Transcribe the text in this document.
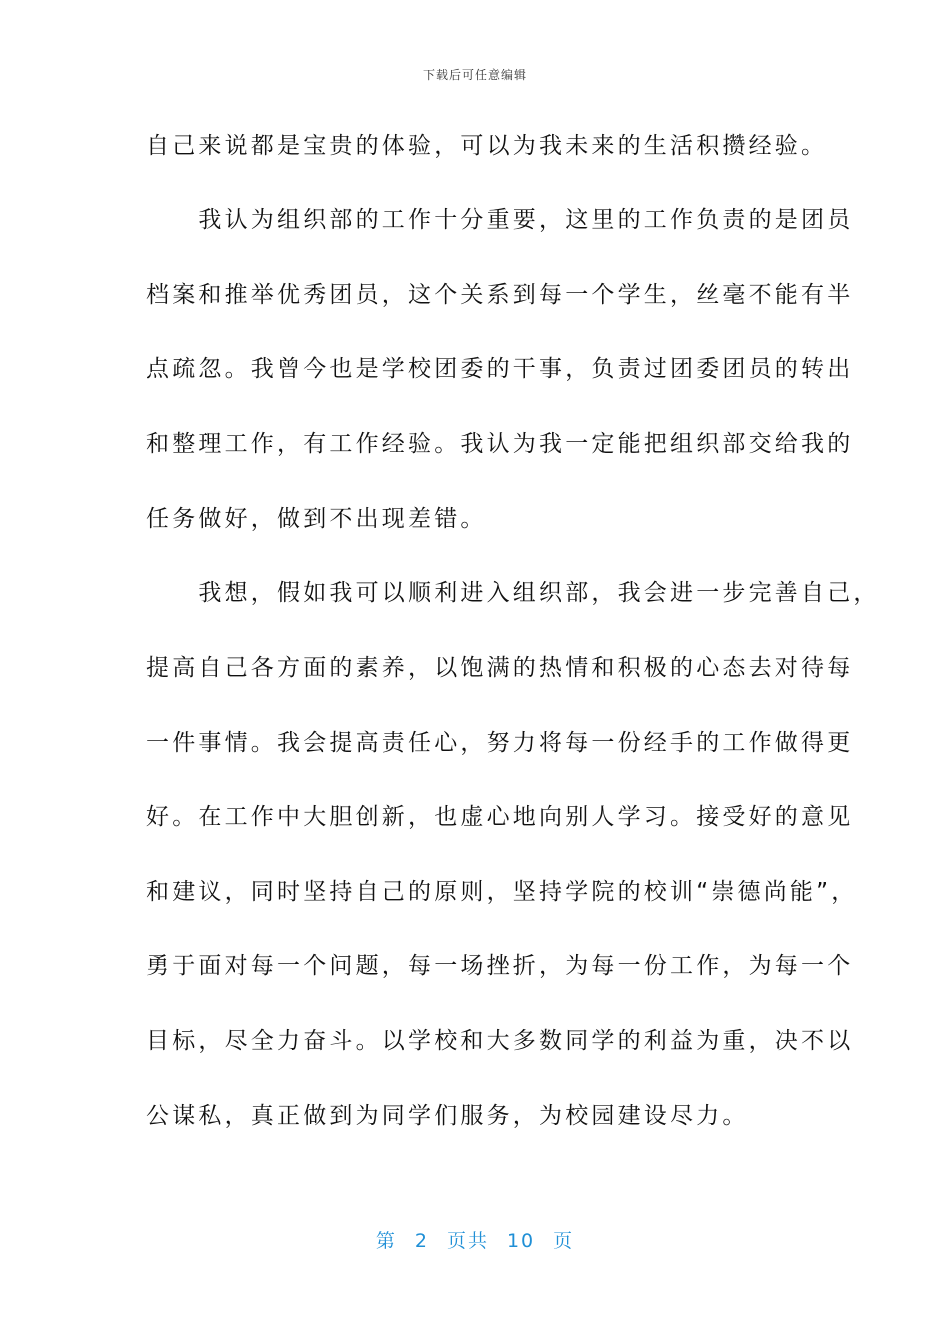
下载后可任意编辑
自己来说都是宝贵的体验，可以为我未来的生活积攒经验。
　　我认为组织部的工作十分重要，这里的工作负责的是团员
档案和推举优秀团员，这个关系到每一个学生，丝毫不能有半
点疏忽。我曾今也是学校团委的干事，负责过团委团员的转出
和整理工作，有工作经验。我认为我一定能把组织部交给我的
任务做好，做到不出现差错。
　　我想，假如我可以顺利进入组织部，我会进一步完善自己，
提高自己各方面的素养，以饱满的热情和积极的心态去对待每
一件事情。我会提高责任心，努力将每一份经手的工作做得更
好。在工作中大胆创新，也虚心地向别人学习。接受好的意见
和建议，同时坚持自己的原则，坚持学院的校训“崇德尚能”，
勇于面对每一个问题，每一场挫折，为每一份工作，为每一个
目标，尽全力奋斗。以学校和大多数同学的利益为重，决不以
公谋私，真正做到为同学们服务，为校园建设尽力。
第 2 页共 10 页
